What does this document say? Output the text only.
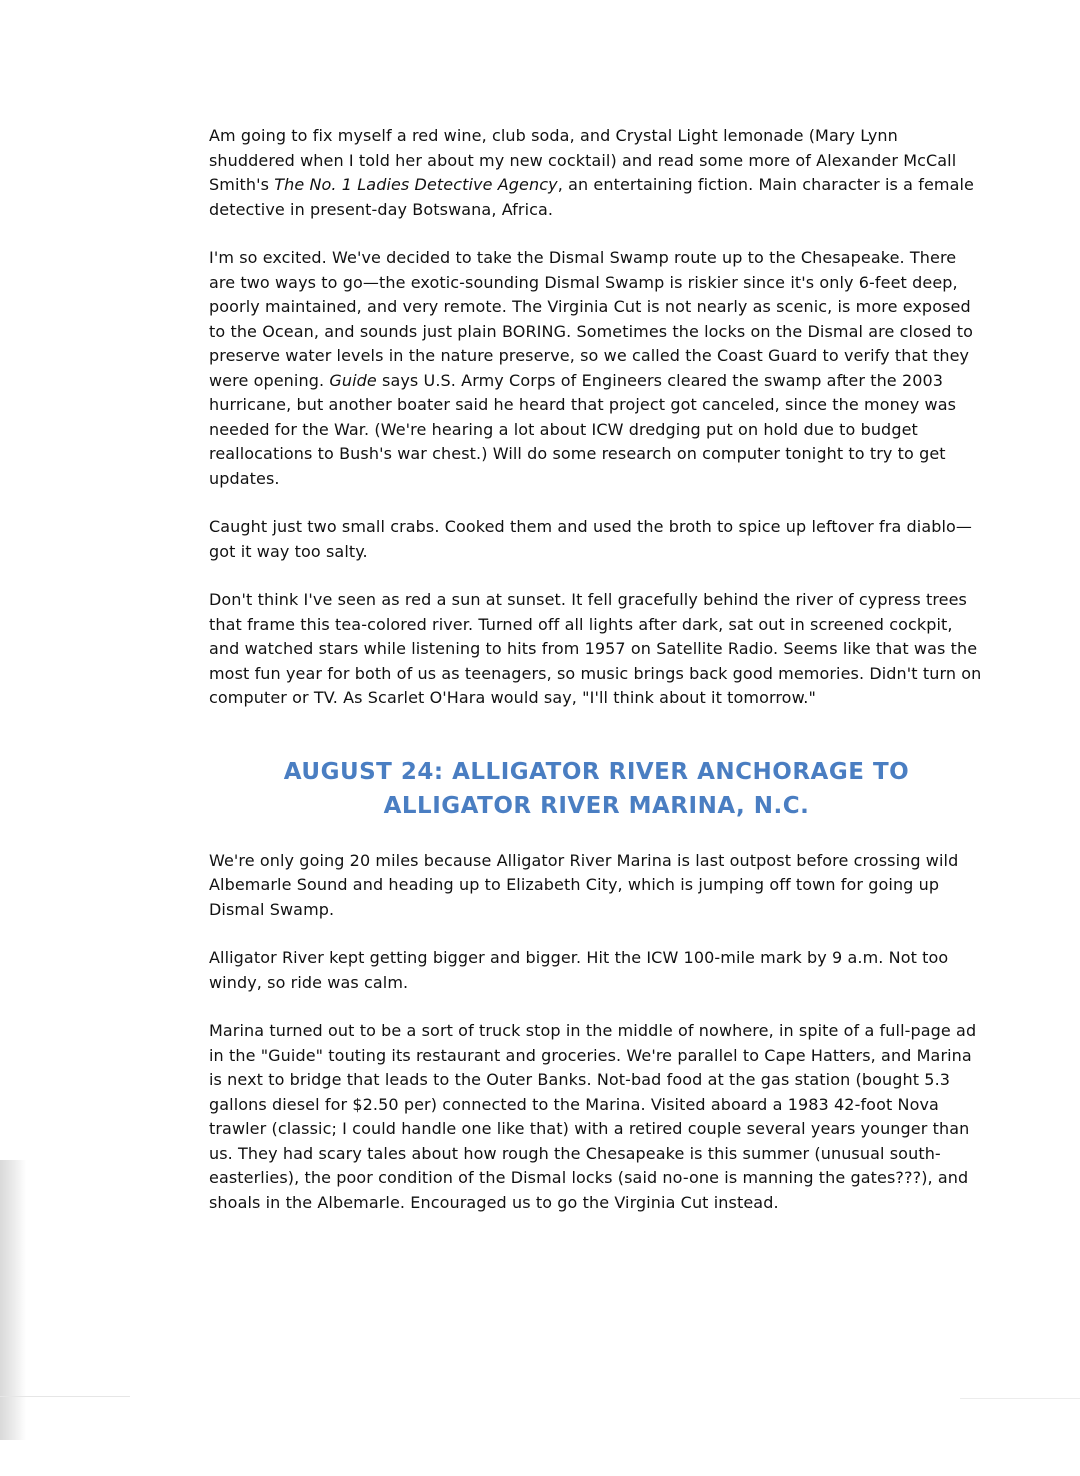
Am going to fix myself a red wine, club soda, and Crystal Light lemonade (Mary Lynn shuddered when I told her about my new cocktail) and read some more of Alexander McCall Smith's The No. 1 Ladies Detective Agency, an entertaining fiction. Main character is a female detective in present-day Botswana, Africa.

I'm so excited. We've decided to take the Dismal Swamp route up to the Chesapeake. There are two ways to go—the exotic-sounding Dismal Swamp is riskier since it's only 6-feet deep, poorly maintained, and very remote. The Virginia Cut is not nearly as scenic, is more exposed to the Ocean, and sounds just plain BORING. Sometimes the locks on the Dismal are closed to preserve water levels in the nature preserve, so we called the Coast Guard to verify that they were opening. Guide says U.S. Army Corps of Engineers cleared the swamp after the 2003 hurricane, but another boater said he heard that project got canceled, since the money was needed for the War. (We're hearing a lot about ICW dredging put on hold due to budget reallocations to Bush's war chest.) Will do some research on computer tonight to try to get updates.

Caught just two small crabs. Cooked them and used the broth to spice up leftover fra diablo—got it way too salty.

Don't think I've seen as red a sun at sunset. It fell gracefully behind the river of cypress trees that frame this tea-colored river. Turned off all lights after dark, sat out in screened cockpit, and watched stars while listening to hits from 1957 on Satellite Radio. Seems like that was the most fun year for both of us as teenagers, so music brings back good memories. Didn't turn on computer or TV. As Scarlet O'Hara would say, "I'll think about it tomorrow."

AUGUST 24: ALLIGATOR RIVER ANCHORAGE TO
ALLIGATOR RIVER MARINA, N.C.

We're only going 20 miles because Alligator River Marina is last outpost before crossing wild Albemarle Sound and heading up to Elizabeth City, which is jumping off town for going up Dismal Swamp.

Alligator River kept getting bigger and bigger. Hit the ICW 100-mile mark by 9 a.m. Not too windy, so ride was calm.

Marina turned out to be a sort of truck stop in the middle of nowhere, in spite of a full-page ad in the "Guide" touting its restaurant and groceries. We're parallel to Cape Hatters, and Marina is next to bridge that leads to the Outer Banks. Not-bad food at the gas station (bought 5.3 gallons diesel for $2.50 per) connected to the Marina. Visited aboard a 1983 42-foot Nova trawler (classic; I could handle one like that) with a retired couple several years younger than us. They had scary tales about how rough the Chesapeake is this summer (unusual south-easterlies), the poor condition of the Dismal locks (said no-one is manning the gates???), and shoals in the Albemarle. Encouraged us to go the Virginia Cut instead.
